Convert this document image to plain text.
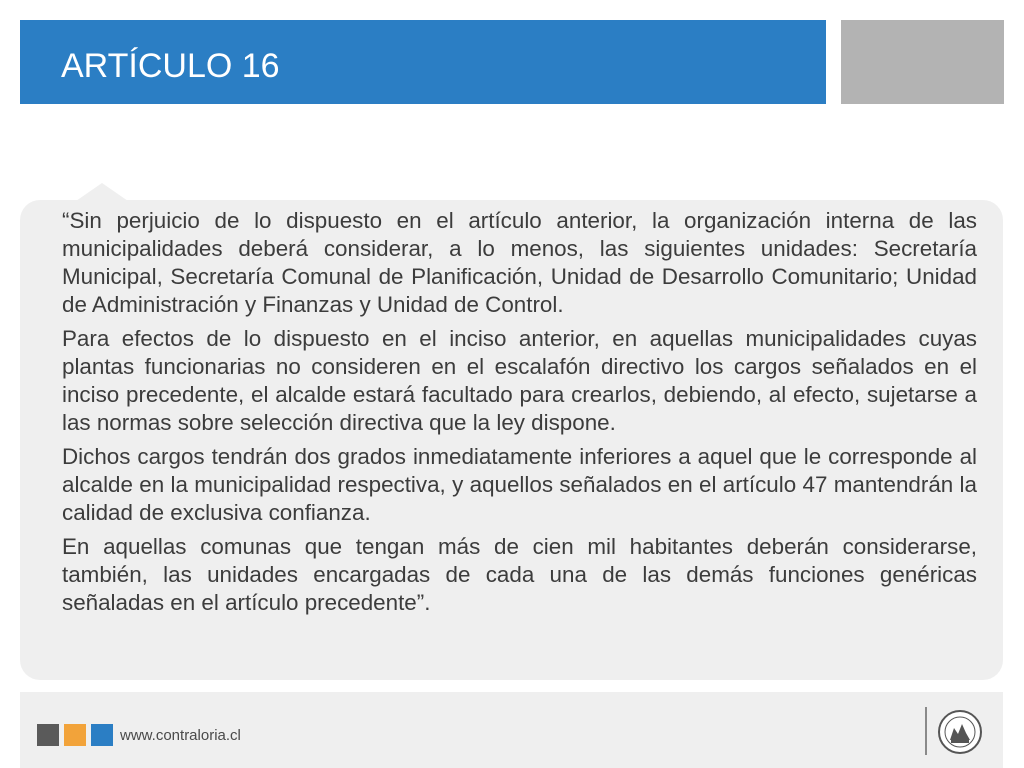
ARTÍCULO 16

“Sin perjuicio de lo dispuesto en el artículo anterior, la organización interna de las municipalidades deberá considerar, a lo menos, las siguientes unidades: Secretaría Municipal, Secretaría Comunal de Planificación, Unidad de Desarrollo Comunitario; Unidad de Administración y Finanzas y Unidad de Control.

Para efectos de lo dispuesto en el inciso anterior, en aquellas municipalidades cuyas plantas funcionarias no consideren en el escalafón directivo los cargos señalados en el inciso precedente, el alcalde estará facultado para crearlos, debiendo, al efecto, sujetarse a las normas sobre selección directiva que la ley dispone.

Dichos cargos tendrán dos grados inmediatamente inferiores a aquel que le corresponde al alcalde en la municipalidad respectiva, y aquellos señalados en el artículo 47 mantendrán la calidad de exclusiva confianza.

En aquellas comunas que tengan más de cien mil habitantes deberán considerarse, también, las unidades encargadas de cada una de las demás funciones genéricas señaladas en el artículo precedente”.

www.contraloria.cl
